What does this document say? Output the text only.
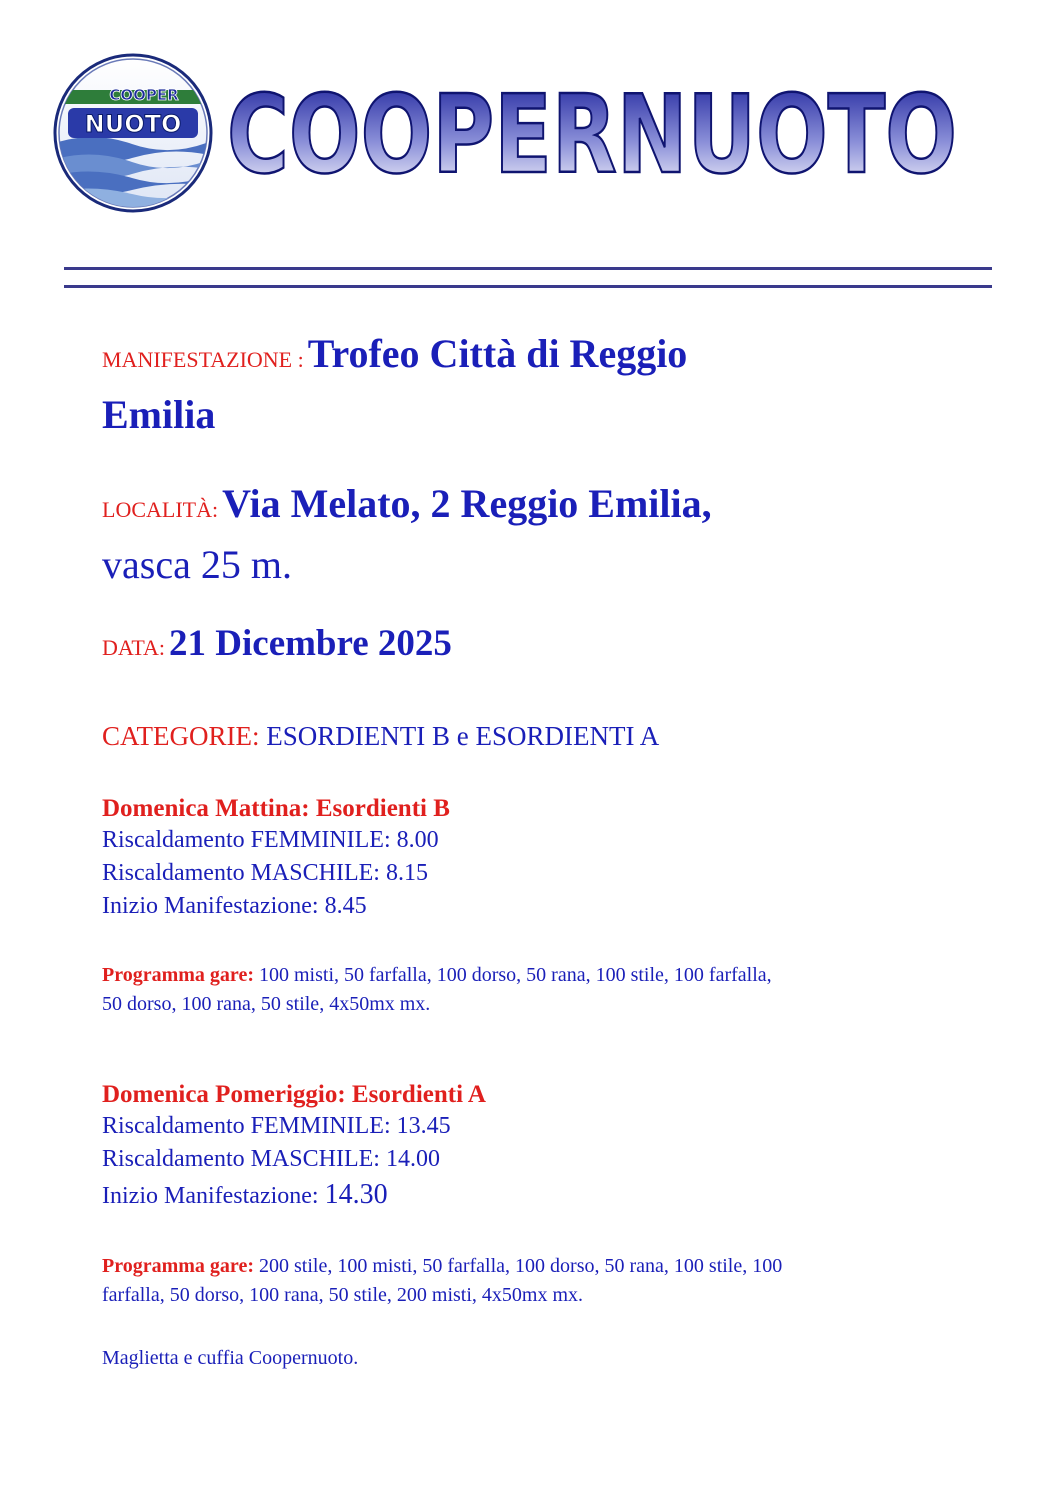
COOPER
NUOTO COOPERNUOTO
MANIFESTAZIONE : Trofeo Città di Reggio
Emilia
LOCALITÀ: Via Melato, 2 Reggio Emilia,
vasca 25 m.
DATA: 21 Dicembre 2025
CATEGORIE: ESORDIENTI B e ESORDIENTI A
Domenica Mattina: Esordienti B
Riscaldamento FEMMINILE: 8.00
Riscaldamento MASCHILE: 8.15
Inizio Manifestazione: 8.45
Programma gare: 100 misti, 50 farfalla, 100 dorso, 50 rana, 100 stile, 100 farfalla,
50 dorso, 100 rana, 50 stile, 4x50mx mx.
Domenica Pomeriggio: Esordienti A
Riscaldamento FEMMINILE: 13.45
Riscaldamento MASCHILE: 14.00
Inizio Manifestazione: 14.30
Programma gare: 200 stile, 100 misti, 50 farfalla, 100 dorso, 50 rana, 100 stile, 100
farfalla, 50 dorso, 100 rana, 50 stile, 200 misti, 4x50mx mx.
Maglietta e cuffia Coopernuoto.
